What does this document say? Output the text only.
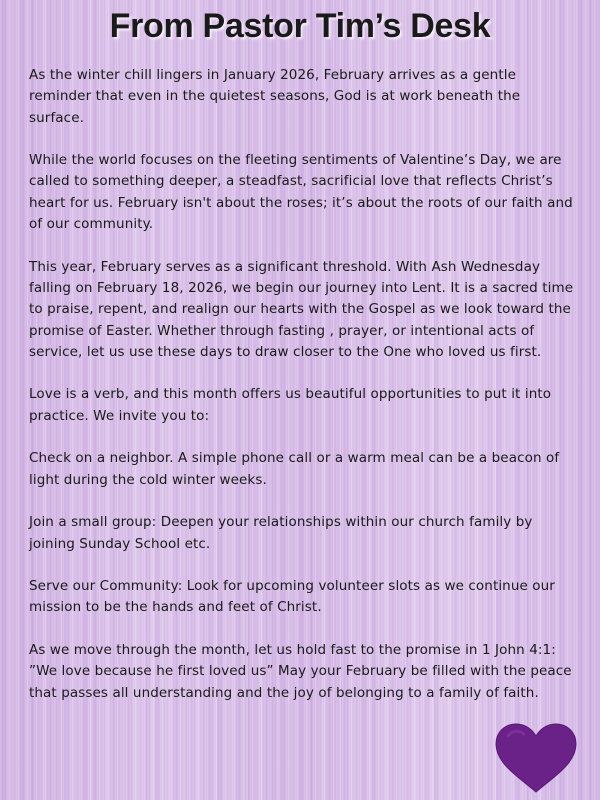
From Pastor Tim’s Desk

As the winter chill lingers in January 2026, February arrives as a gentle reminder that even in the quietest seasons, God is at work beneath the surface.

While the world focuses on the fleeting sentiments of Valentine’s Day, we are called to something deeper, a steadfast, sacrificial love that reflects Christ’s heart for us. February isn't about the roses; it’s about the roots of our faith and of our community.

This year, February serves as a significant threshold. With Ash Wednesday falling on February 18, 2026, we begin our journey into Lent. It is a sacred time to praise, repent, and realign our hearts with the Gospel as we look toward the promise of Easter. Whether through fasting , prayer, or intentional acts of service, let us use these days to draw closer to the One who loved us first.

Love is a verb, and this month offers us beautiful opportunities to put it into practice. We invite you to:

Check on a neighbor. A simple phone call or a warm meal can be a beacon of light during the cold winter weeks.

Join a small group: Deepen your relationships within our church family by joining Sunday School etc.

Serve our Community: Look for upcoming volunteer slots as we continue our mission to be the hands and feet of Christ.

As we move through the month, let us hold fast to the promise in 1 John 4:1: ”We love because he first loved us” May your February be filled with the peace that passes all understanding and the joy of belonging to a family of faith.
